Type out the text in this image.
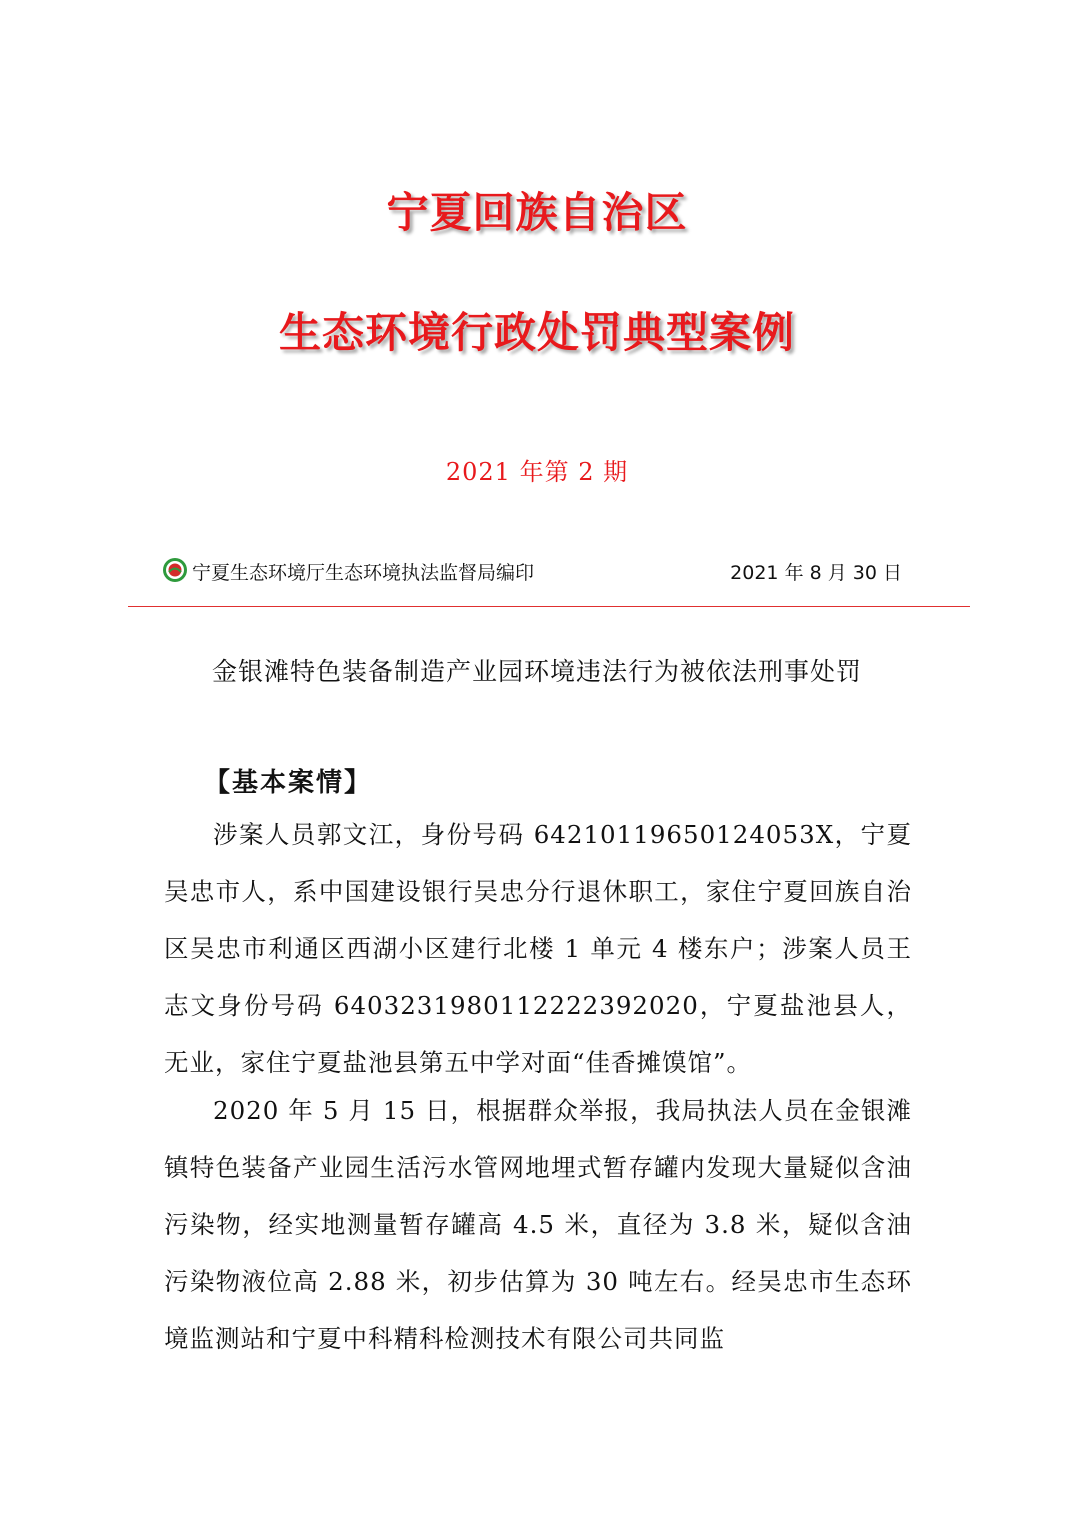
宁夏回族自治区
生态环境行政处罚典型案例
2021 年第 2 期
宁夏生态环境厅生态环境执法监督局编印	2021 年 8 月 30 日
金银滩特色装备制造产业园环境违法行为被依法刑事处罚
【基本案情】

涉案人员郭文江，身份号码 64210119650124053X，宁夏吴忠市人，系中国建设银行吴忠分行退休职工，家住宁夏回族自治区吴忠市利通区西湖小区建行北楼 1 单元 4 楼东户；涉案人员王志文身份号码 64032319801122223920​20，宁夏盐池县人，无业，家住宁夏盐池县第五中学对面“佳香摊馍馆”。

2020 年 5 月 15 日，根据群众举报，我局执法人员在金银滩镇特色装备产业园生活污水管网地埋式暂存罐内发现大量疑似含油污染物，经实地测量暂存罐高 4.5 米，直径为 3.8 米，疑似含油污染物液位高 2.88 米，初步估算为 30 吨左右。经吴忠市生态环境监测站和宁夏中科精科检测技术有限公司共同监
